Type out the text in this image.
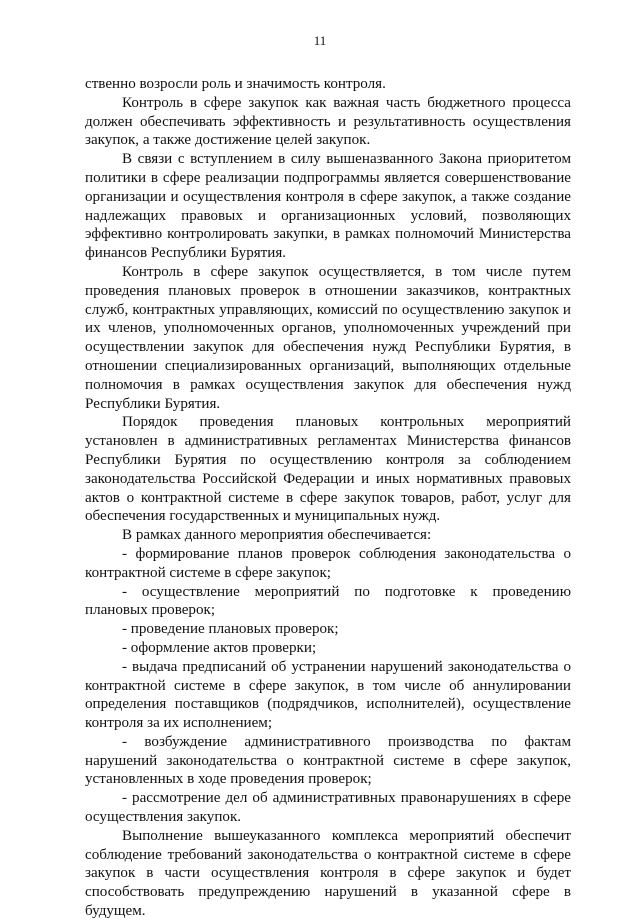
11

ственно возросли роль и значимость контроля.

Контроль в сфере закупок как важная часть бюджетного процесса должен обеспечивать эффективность и результативность осуществления закупок, а также достижение целей закупок.

В связи с вступлением в силу вышеназванного Закона приоритетом политики в сфере реализации подпрограммы является совершенствование организации и осуществления контроля в сфере закупок, а также создание надлежащих правовых и организационных условий, позволяющих эффективно контролировать закупки, в рамках полномочий Министерства финансов Республики Бурятия.

Контроль в сфере закупок осуществляется, в том числе путем проведения плановых проверок в отношении заказчиков, контрактных служб, контрактных управляющих, комиссий по осуществлению закупок и их членов, уполномоченных органов, уполномоченных учреждений при осуществлении закупок для обеспечения нужд Республики Бурятия, в отношении специализированных организаций, выполняющих отдельные полномочия в рамках осуществления закупок для обеспечения нужд Республики Бурятия.

Порядок проведения плановых контрольных мероприятий установлен в административных регламентах Министерства финансов Республики Бурятия по осуществлению контроля за соблюдением законодательства Российской Федерации и иных нормативных правовых актов о контрактной системе в сфере закупок товаров, работ, услуг для обеспечения государственных и муниципальных нужд.

В рамках данного мероприятия обеспечивается:

- формирование планов проверок соблюдения законодательства о контрактной системе в сфере закупок;

- осуществление мероприятий по подготовке к проведению плановых проверок;

- проведение плановых проверок;

- оформление актов проверки;

- выдача предписаний об устранении нарушений законодательства о контрактной системе в сфере закупок, в том числе об аннулировании определения поставщиков (подрядчиков, исполнителей), осуществление контроля за их исполнением;

- возбуждение административного производства по фактам нарушений законодательства о контрактной системе в сфере закупок, установленных в ходе проведения проверок;

- рассмотрение дел об административных правонарушениях в сфере осуществления закупок.

Выполнение вышеуказанного комплекса мероприятий обеспечит соблюдение требований законодательства о контрактной системе в сфере закупок в части осуществления контроля в сфере закупок и будет способствовать предупреждению нарушений в указанной сфере в будущем.
